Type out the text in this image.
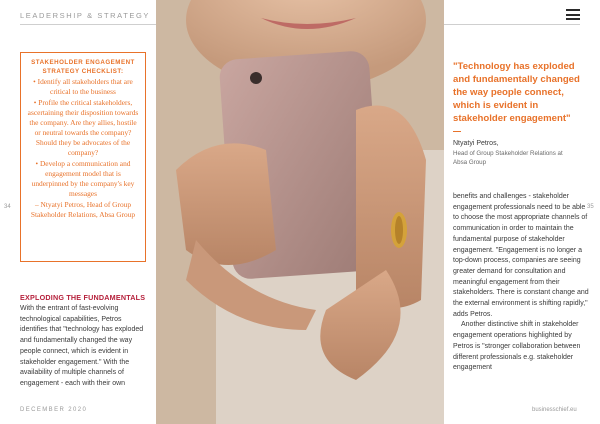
LEADERSHIP & STRATEGY
STAKEHOLDER ENGAGEMENT STRATEGY CHECKLIST:
• Identify all stakeholders that are critical to the business
• Profile the critical stakeholders, ascertaining their disposition towards the company. Are they allies, hostile or neutral towards the company? Should they be advocates of the company?
• Develop a communication and engagement model that is underpinned by the company's key messages
– Ntyatyi Petros, Head of Group Stakeholder Relations, Absa Group
34	35
EXPLODING THE FUNDAMENTALS
With the entrant of fast-evolving technological capabilities, Petros identifies that "technology has exploded and fundamentally changed the way people connect, which is evident in stakeholder engagement." With the availability of multiple channels of engagement - each with their own
"Technology has exploded and fundamentally changed the way people connect, which is evident in stakeholder engagement"
Ntyatyi Petros,
Head of Group Stakeholder Relations at Absa Group

benefits and challenges - stakeholder engagement professionals need to be able to choose the most appropriate channels of communication in order to maintain the fundamental purpose of stakeholder engagement. "Engagement is no longer a top-down process, companies are seeing greater demand for consultation and meaningful engagement from their stakeholders. There is constant change and the external environment is shifting rapidly," adds Petros.

Another distinctive shift in stakeholder engagement operations highlighted by Petros is "stronger collaboration between different professionals e.g. stakeholder engagement

DECEMBER 2020	businesschief.eu
